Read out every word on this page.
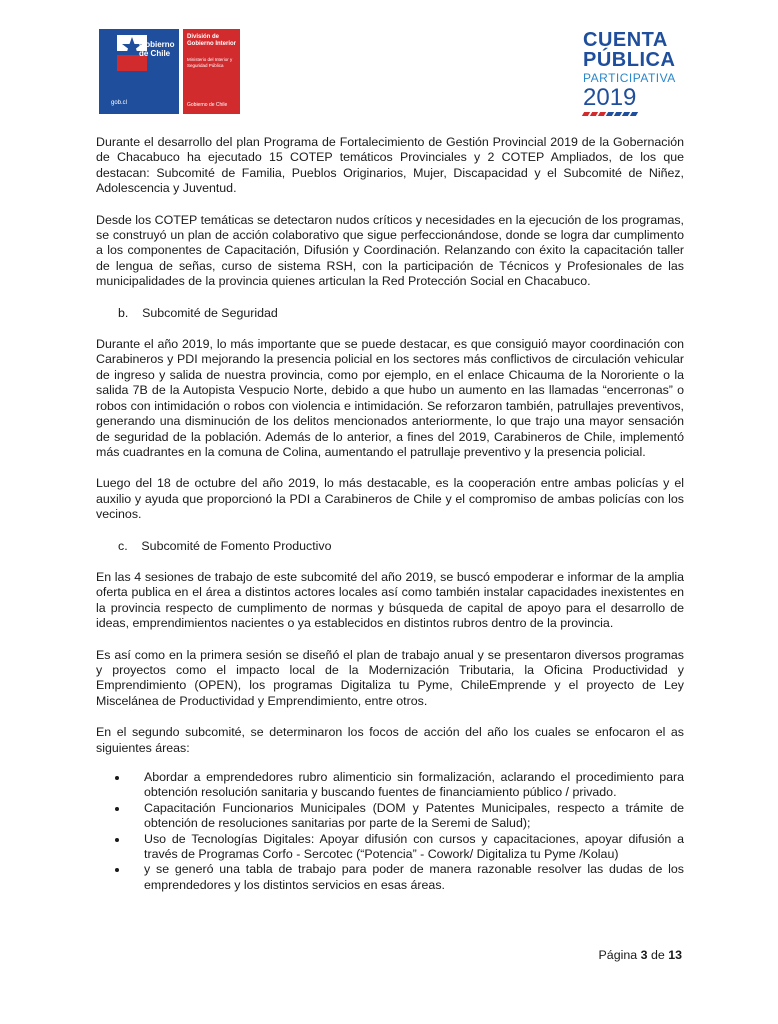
Gobierno de Chile
gob.cl
División de Gobierno Interior
Ministerio del Interior y Seguridad Pública
Gobierno de Chile
CUENTA
PÚBLICA
PARTICIPATIVA
2019

Durante el desarrollo del plan Programa de Fortalecimiento de Gestión Provincial 2019 de la Gobernación de Chacabuco ha ejecutado 15 COTEP temáticos Provinciales y 2 COTEP Ampliados, de los que destacan: Subcomité de Familia, Pueblos Originarios, Mujer, Discapacidad y el Subcomité de Niñez, Adolescencia y Juventud.

Desde los COTEP temáticas se detectaron nudos críticos y necesidades en la ejecución de los programas, se construyó un plan de acción colaborativo que sigue perfeccionándose, donde se logra dar cumplimento a los componentes de Capacitación, Difusión y Coordinación. Relanzando con éxito la capacitación taller de lengua de señas, curso de sistema RSH, con la participación de Técnicos y Profesionales de las municipalidades de la provincia quienes articulan la Red Protección Social en Chacabuco.

b.    Subcomité de Seguridad

Durante el año 2019, lo más importante que se puede destacar, es que consiguió mayor coordinación con Carabineros y PDI mejorando la presencia policial en los sectores más conflictivos de circulación vehicular de ingreso y salida de nuestra provincia, como por ejemplo, en el enlace Chicauma de la Nororiente o la salida 7B de la Autopista Vespucio Norte, debido a que hubo un aumento en las llamadas “encerronas” o robos con intimidación o robos con violencia e intimidación. Se reforzaron también, patrullajes preventivos, generando una disminución de los delitos mencionados anteriormente, lo que trajo una mayor sensación de seguridad de la población. Además de lo anterior, a fines del 2019, Carabineros de Chile, implementó más cuadrantes en la comuna de Colina, aumentando el patrullaje preventivo y la presencia policial.

Luego del 18 de octubre del año 2019, lo más destacable, es la cooperación entre ambas policías y el auxilio y ayuda que proporcionó la PDI a Carabineros de Chile y el compromiso de ambas policías con los vecinos.

c.    Subcomité de Fomento Productivo

En las 4 sesiones de trabajo de este subcomité del año 2019, se buscó empoderar e informar de la amplia oferta publica en el área a distintos actores locales así como también instalar capacidades inexistentes en la provincia respecto de cumplimento de normas y búsqueda de capital de apoyo para el desarrollo de ideas, emprendimientos nacientes o ya establecidos en distintos rubros dentro de la provincia.

Es así como en la primera sesión se diseñó el plan de trabajo anual y se presentaron diversos programas y proyectos como el impacto local de la Modernización Tributaria, la Oficina Productividad y Emprendimiento (OPEN), los programas Digitaliza tu Pyme, ChileEmprende y el proyecto de Ley Miscelánea de Productividad y Emprendimiento, entre otros.

En el segundo subcomité, se determinaron los focos de acción del año los cuales se enfocaron el as siguientes áreas:

Abordar a emprendedores rubro alimenticio sin formalización, aclarando el procedimiento para obtención resolución sanitaria y buscando fuentes de financiamiento público / privado.
Capacitación Funcionarios Municipales (DOM y Patentes Municipales, respecto a trámite de obtención de resoluciones sanitarias por parte de la Seremi de Salud);
Uso de Tecnologías Digitales: Apoyar difusión con cursos y capacitaciones, apoyar difusión a través de Programas Corfo - Sercotec (“Potencia” - Cowork/ Digitaliza tu Pyme /Kolau)
y se generó una tabla de trabajo para poder de manera razonable resolver las dudas de los emprendedores y los distintos servicios en esas áreas.
Página 3 de 13
